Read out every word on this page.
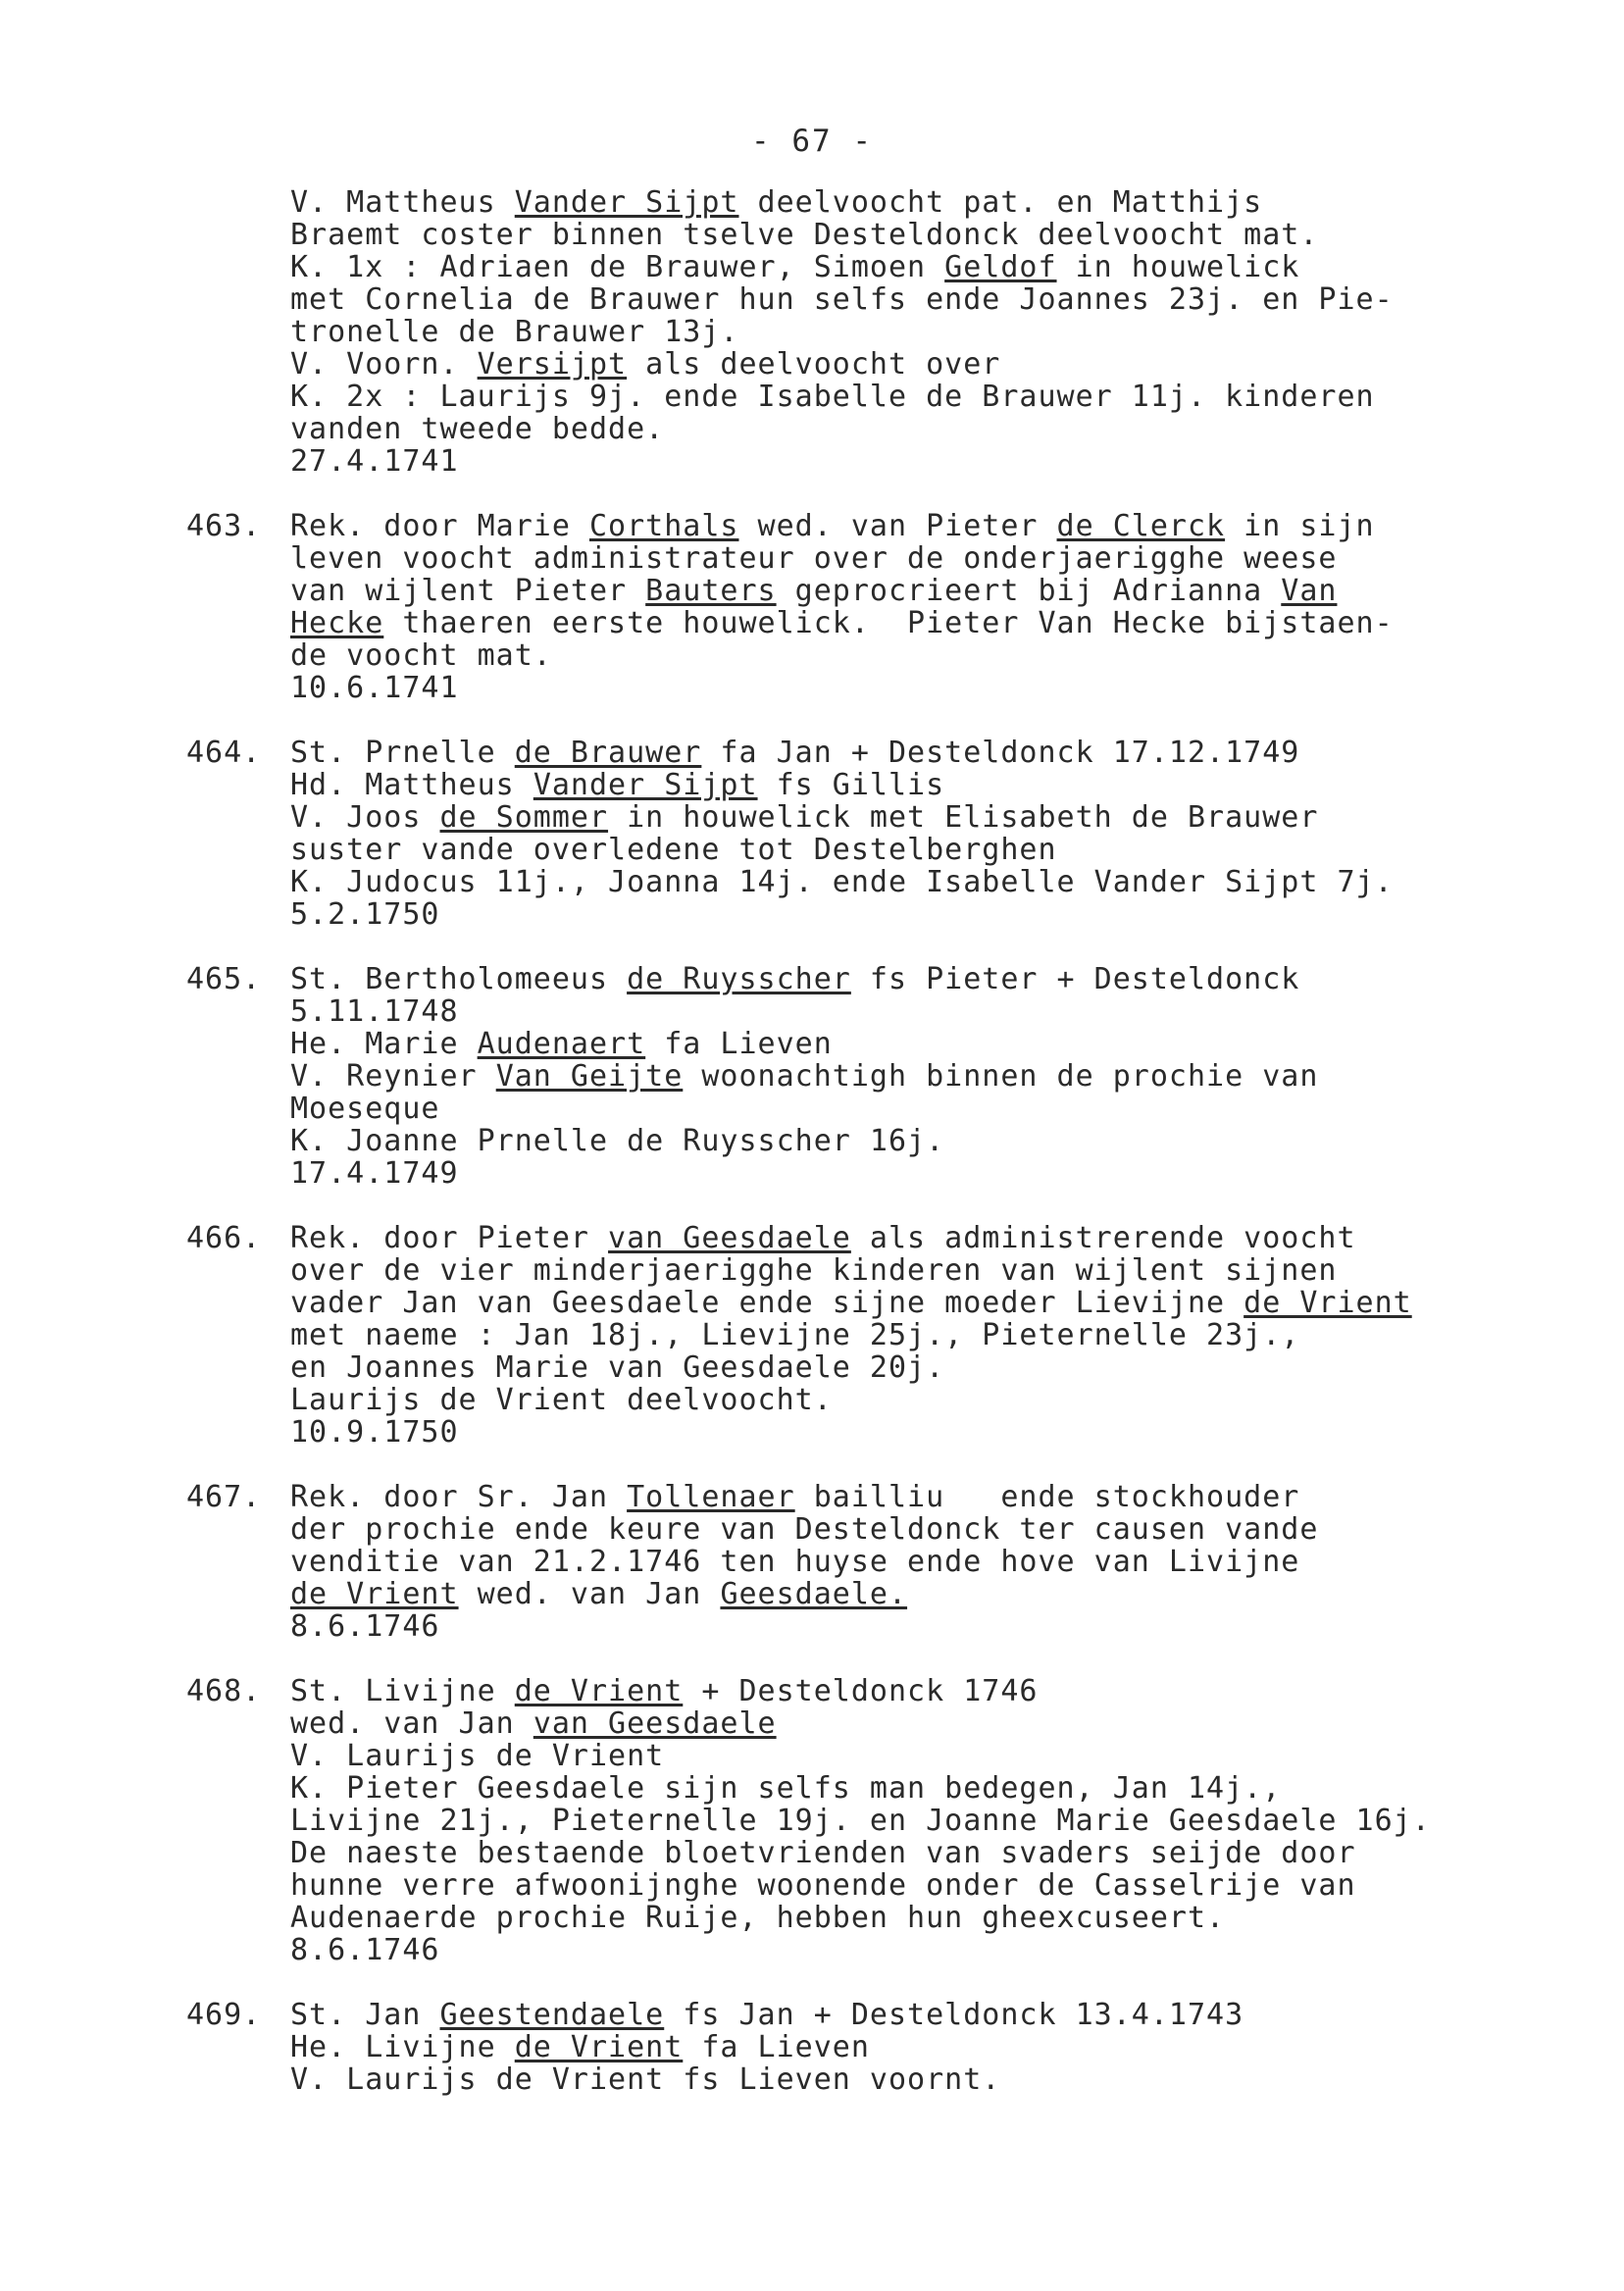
- 67 -
V. Mattheus Vander Sijpt deelvoocht pat. en Matthijs
Braemt coster binnen tselve Desteldonck deelvoocht mat.
K. 1x : Adriaen de Brauwer, Simoen Geldof in houwelick
met Cornelia de Brauwer hun selfs ende Joannes 23j. en Pie-
tronelle de Brauwer 13j.
V. Voorn. Versijpt als deelvoocht over
K. 2x : Laurijs 9j. ende Isabelle de Brauwer 11j. kinderen
vanden tweede bedde.
27.4.1741
463. Rek. door Marie Corthals wed. van Pieter de Clerck in sijn
leven voocht administrateur over de onderjaerigghe weese
van wijlent Pieter Bauters geprocrieert bij Adrianna Van
Hecke thaeren eerste houwelick.  Pieter Van Hecke bijstaen-
de voocht mat.
10.6.1741
464. St. Prnelle de Brauwer fa Jan + Desteldonck 17.12.1749
Hd. Mattheus Vander Sijpt fs Gillis
V. Joos de Sommer in houwelick met Elisabeth de Brauwer
suster vande overledene tot Destelberghen
K. Judocus 11j., Joanna 14j. ende Isabelle Vander Sijpt 7j.
5.2.1750
465. St. Bertholomeeus de Ruysscher fs Pieter + Desteldonck
5.11.1748
He. Marie Audenaert fa Lieven
V. Reynier Van Geijte woonachtigh binnen de prochie van
Moeseque
K. Joanne Prnelle de Ruysscher 16j.
17.4.1749
466. Rek. door Pieter van Geesdaele als administrerende voocht
over de vier minderjaerigghe kinderen van wijlent sijnen
vader Jan van Geesdaele ende sijne moeder Lievijne de Vrient
met naeme : Jan 18j., Lievijne 25j., Pieternelle 23j.,
en Joannes Marie van Geesdaele 20j.
Laurijs de Vrient deelvoocht.
10.9.1750
467. Rek. door Sr. Jan Tollenaer bailliu   ende stockhouder
der prochie ende keure van Desteldonck ter causen vande
venditie van 21.2.1746 ten huyse ende hove van Livijne
de Vrient wed. van Jan Geesdaele.
8.6.1746
468. St. Livijne de Vrient + Desteldonck 1746
wed. van Jan van Geesdaele
V. Laurijs de Vrient
K. Pieter Geesdaele sijn selfs man bedegen, Jan 14j.,
Livijne 21j., Pieternelle 19j. en Joanne Marie Geesdaele 16j.
De naeste bestaende bloetvrienden van svaders seijde door
hunne verre afwoonijnghe woonende onder de Casselrije van
Audenaerde prochie Ruije, hebben hun gheexcuseert.
8.6.1746
469. St. Jan Geestendaele fs Jan + Desteldonck 13.4.1743
He. Livijne de Vrient fa Lieven
V. Laurijs de Vrient fs Lieven voornt.
